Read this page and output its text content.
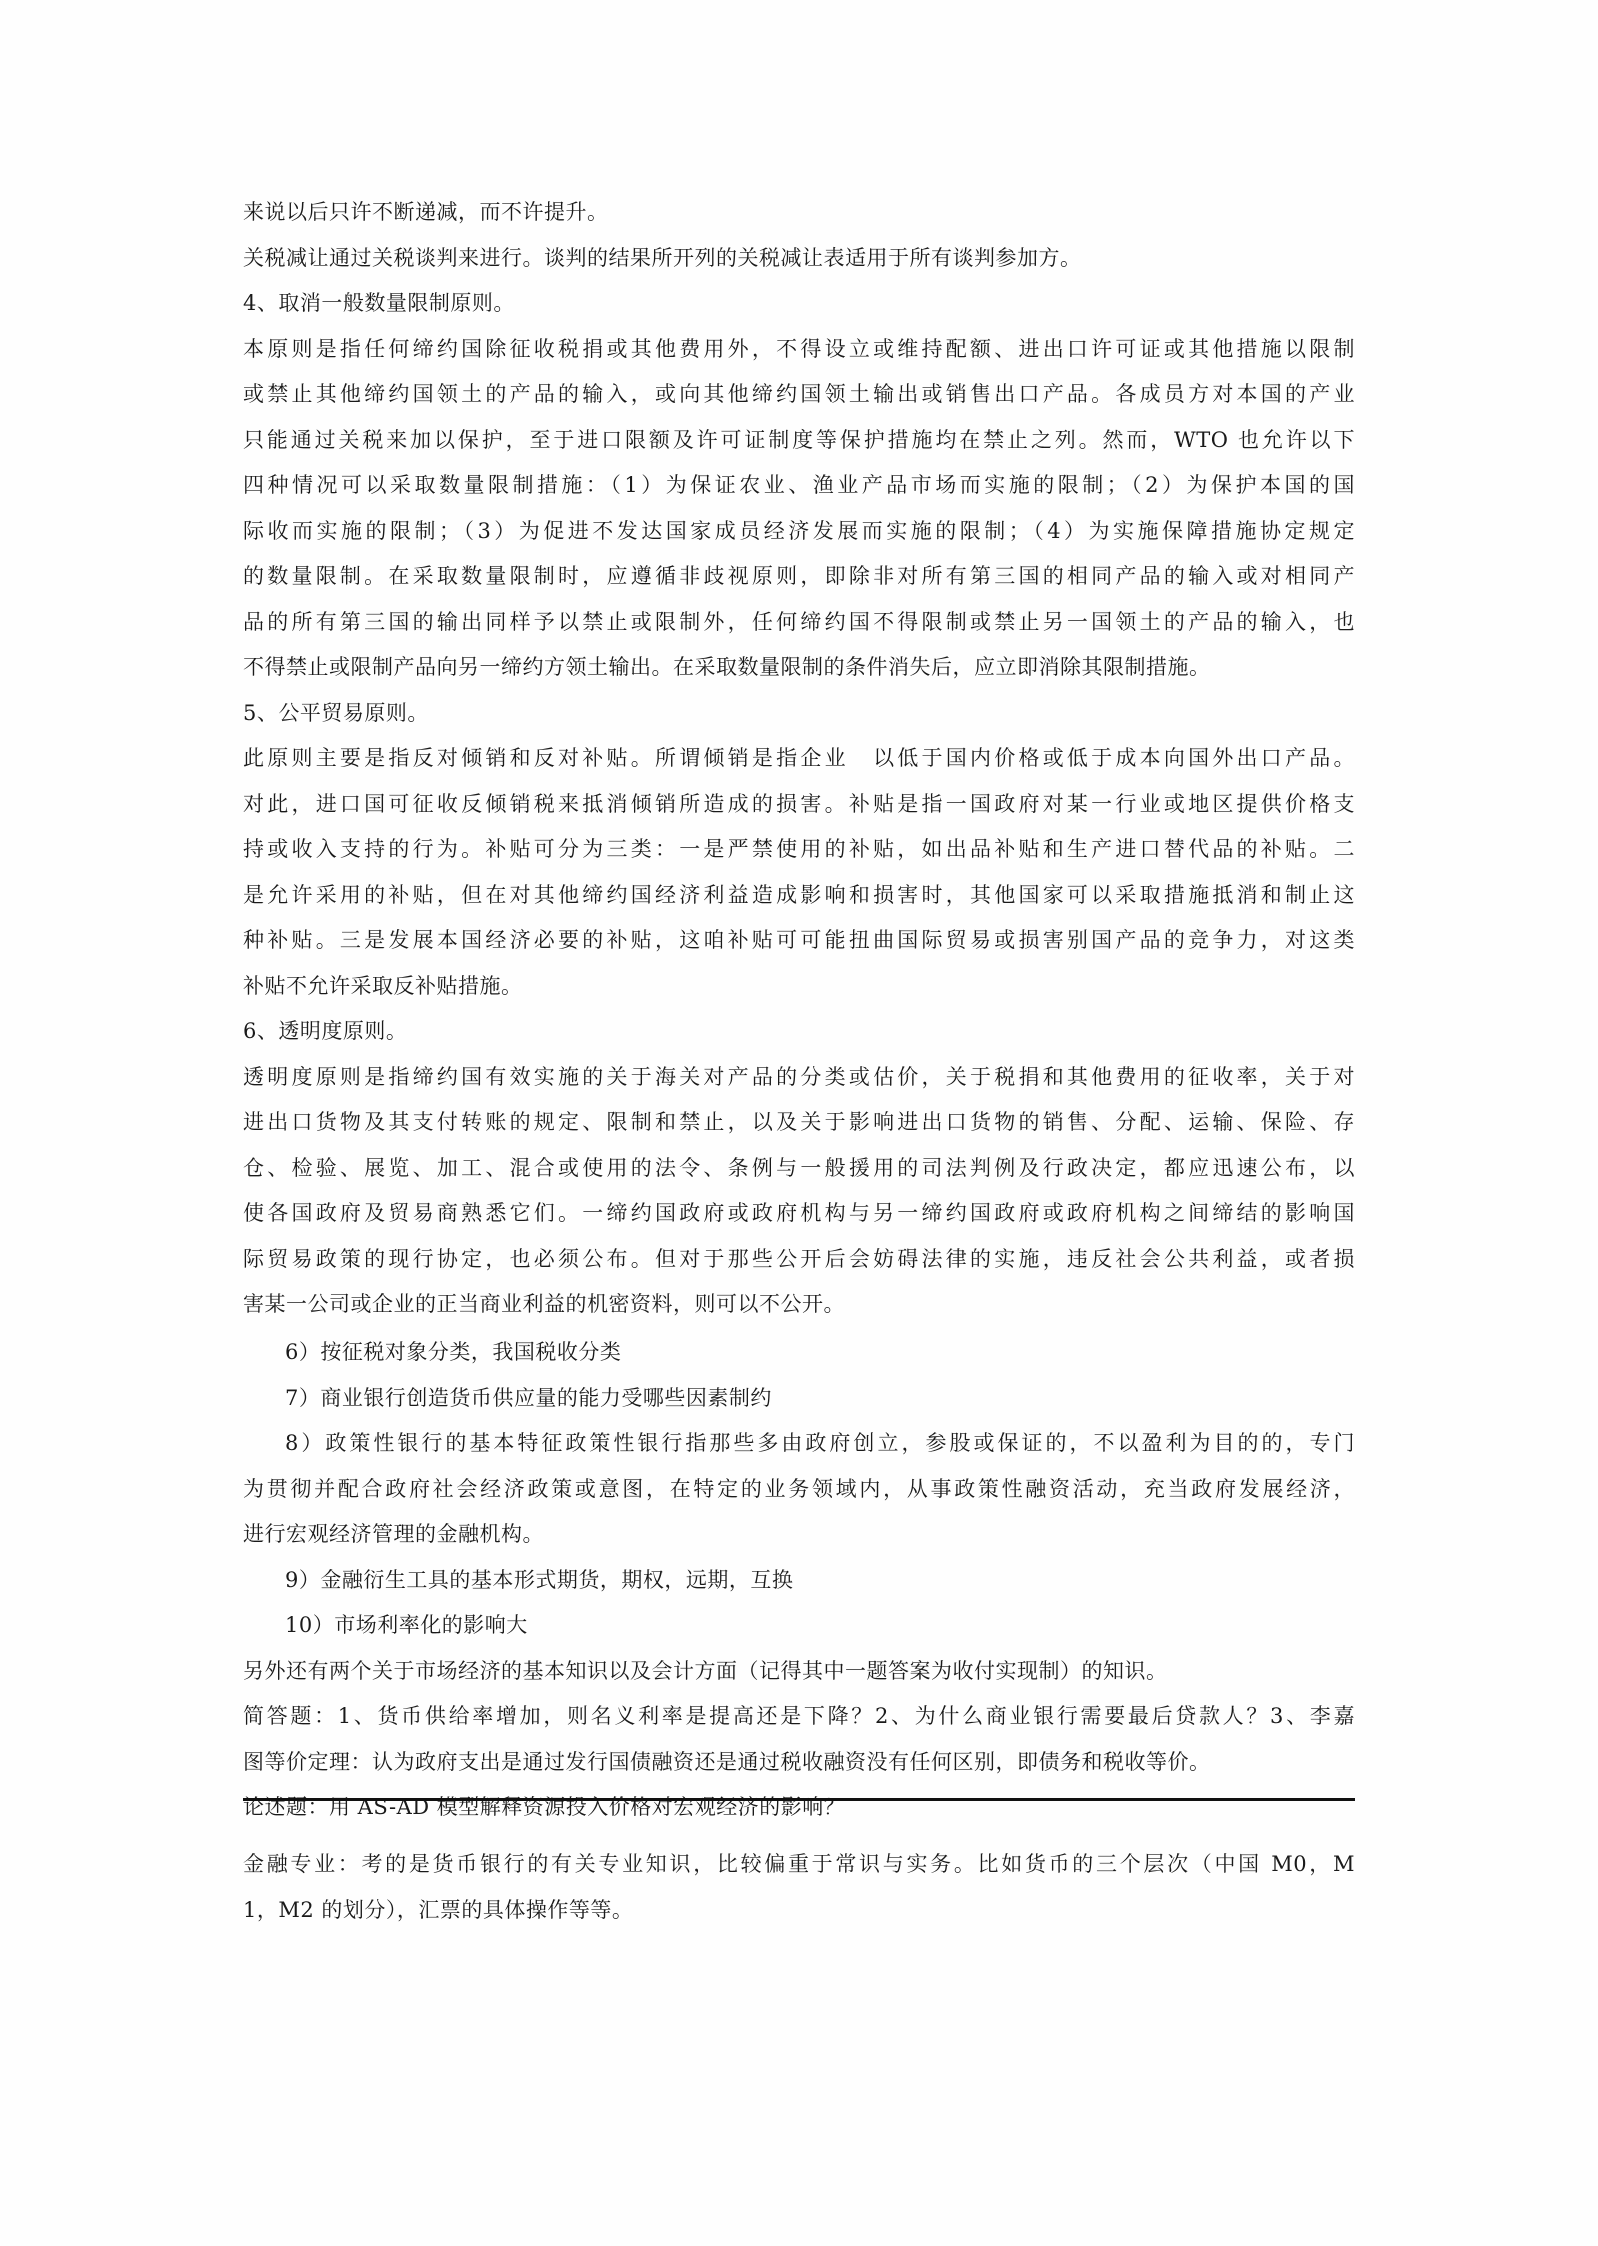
来说以后只许不断递减，而不许提升。

关税减让通过关税谈判来进行。谈判的结果所开列的关税减让表适用于所有谈判参加方。

4、取消一般数量限制原则。

本原则是指任何缔约国除征收税捐或其他费用外，不得设立或维持配额、进出口许可证或其他措施以限制

或禁止其他缔约国领土的产品的输入，或向其他缔约国领土输出或销售出口产品。各成员方对本国的产业

只能通过关税来加以保护，至于进口限额及许可证制度等保护措施均在禁止之列。然而，WTO 也允许以下

四种情况可以采取数量限制措施：（1）为保证农业、渔业产品市场而实施的限制；（2）为保护本国的国

际收而实施的限制；（3）为促进不发达国家成员经济发展而实施的限制；（4）为实施保障措施协定规定

的数量限制。在采取数量限制时，应遵循非歧视原则，即除非对所有第三国的相同产品的输入或对相同产

品的所有第三国的输出同样予以禁止或限制外，任何缔约国不得限制或禁止另一国领土的产品的输入，也

不得禁止或限制产品向另一缔约方领土输出。在采取数量限制的条件消失后，应立即消除其限制措施。

5、公平贸易原则。

此原则主要是指反对倾销和反对补贴。所谓倾销是指企业　以低于国内价格或低于成本向国外出口产品。

对此，进口国可征收反倾销税来抵消倾销所造成的损害。补贴是指一国政府对某一行业或地区提供价格支

持或收入支持的行为。补贴可分为三类：一是严禁使用的补贴，如出品补贴和生产进口替代品的补贴。二

是允许采用的补贴，但在对其他缔约国经济利益造成影响和损害时，其他国家可以采取措施抵消和制止这

种补贴。三是发展本国经济必要的补贴，这咱补贴可可能扭曲国际贸易或损害别国产品的竞争力，对这类

补贴不允许采取反补贴措施。

6、透明度原则。

透明度原则是指缔约国有效实施的关于海关对产品的分类或估价，关于税捐和其他费用的征收率，关于对

进出口货物及其支付转账的规定、限制和禁止，以及关于影响进出口货物的销售、分配、运输、保险、存

仓、检验、展览、加工、混合或使用的法令、条例与一般援用的司法判例及行政决定，都应迅速公布，以

使各国政府及贸易商熟悉它们。一缔约国政府或政府机构与另一缔约国政府或政府机构之间缔结的影响国

际贸易政策的现行协定，也必须公布。但对于那些公开后会妨碍法律的实施，违反社会公共利益，或者损

害某一公司或企业的正当商业利益的机密资料，则可以不公开。

6）按征税对象分类，我国税收分类

7）商业银行创造货币供应量的能力受哪些因素制约

8）政策性银行的基本特征政策性银行指那些多由政府创立，参股或保证的，不以盈利为目的的，专门

为贯彻并配合政府社会经济政策或意图，在特定的业务领域内，从事政策性融资活动，充当政府发展经济，

进行宏观经济管理的金融机构。

9）金融衍生工具的基本形式期货，期权，远期，互换

10）市场利率化的影响大

另外还有两个关于市场经济的基本知识以及会计方面（记得其中一题答案为收付实现制）的知识。

简答题：1、货币供给率增加，则名义利率是提高还是下降？2、为什么商业银行需要最后贷款人？3、李嘉

图等价定理：认为政府支出是通过发行国债融资还是通过税收融资没有任何区别，即债务和税收等价。

论述题：用 AS-AD 模型解释资源投入价格对宏观经济的影响？

金融专业：考的是货币银行的有关专业知识，比较偏重于常识与实务。比如货币的三个层次（中国 M0，M

1，M2 的划分），汇票的具体操作等等。
